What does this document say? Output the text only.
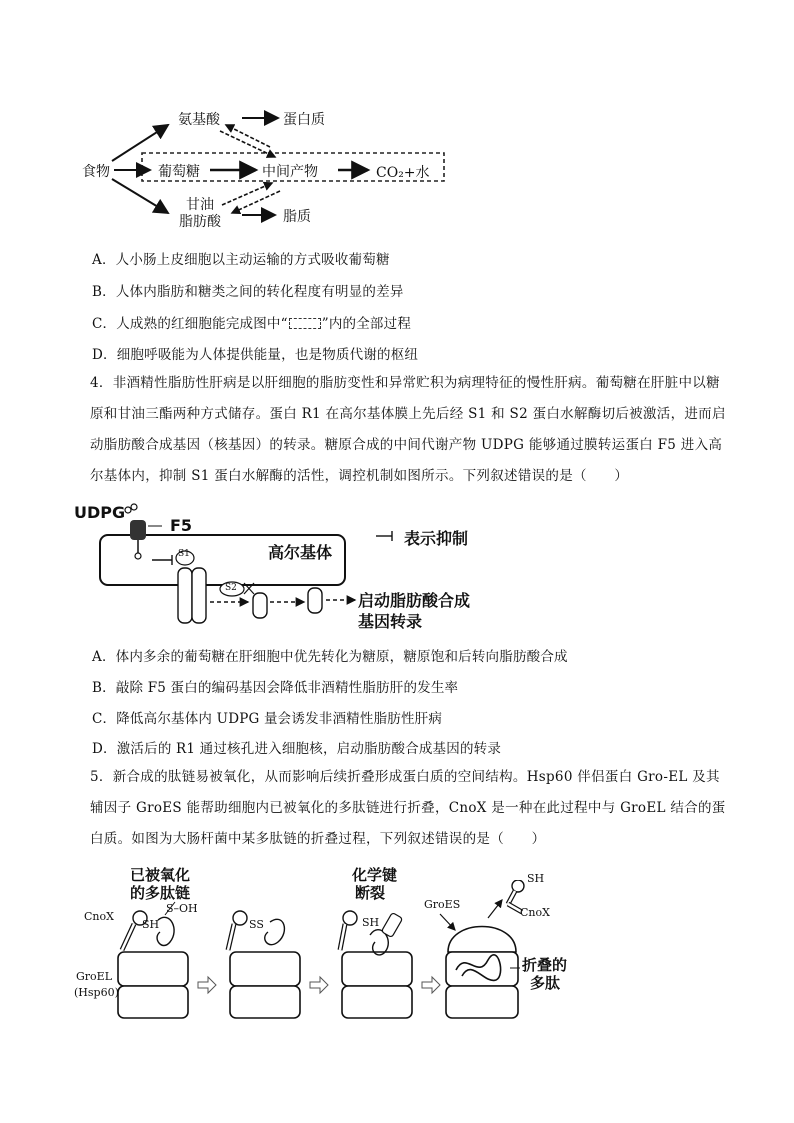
食物
氨基酸	蛋白质
葡萄糖	中间产物	CO₂+水
甘油
脂肪酸	脂质
A．人小肠上皮细胞以主动运输的方式吸收葡萄糖
B．人体内脂肪和糖类之间的转化程度有明显的差异
C．人成熟的红细胞能完成图中“	”内的全部过程
D．细胞呼吸能为人体提供能量，也是物质代谢的枢纽
4．非酒精性脂肪性肝病是以肝细胞的脂肪变性和异常贮积为病理特征的慢性肝病。葡萄糖在肝脏中以糖原和甘油三酯两种方式储存。蛋白 R1 在高尔基体膜上先后经 S1 和 S2 蛋白水解酶切后被激活，进而启动脂肪酸合成基因（核基因）的转录。糖原合成的中间代谢产物 UDPG 能够通过膜转运蛋白 F5 进入高尔基体内，抑制 S1 蛋白水解酶的活性，调控机制如图所示。下列叙述错误的是（　　）
UDPG
F5
S1
S2
高尔基体
表示抑制
启动脂肪酸合成
基因转录
A．体内多余的葡萄糖在肝细胞中优先转化为糖原，糖原饱和后转向脂肪酸合成
B．敲除 F5 蛋白的编码基因会降低非酒精性脂肪肝的发生率
C．降低高尔基体内 UDPG 量会诱发非酒精性脂肪性肝病
D．激活后的 R1 通过核孔进入细胞核，启动脂肪酸合成基因的转录
5．新合成的肽链易被氧化，从而影响后续折叠形成蛋白质的空间结构。Hsp60 伴侣蛋白 Gro-EL 及其辅因子 GroES 能帮助细胞内已被氧化的多肽链进行折叠，CnoX 是一种在此过程中与 GroEL 结合的蛋白质。如图为大肠杆菌中某多肽链的折叠过程，下列叙述错误的是（　　）
已被氧化
的多肽链
CnoX
S–OH
SH	SS
化学键
断裂
SH
GroES
SH
CnoX
GroEL
(Hsp60)
折叠的
多肽
